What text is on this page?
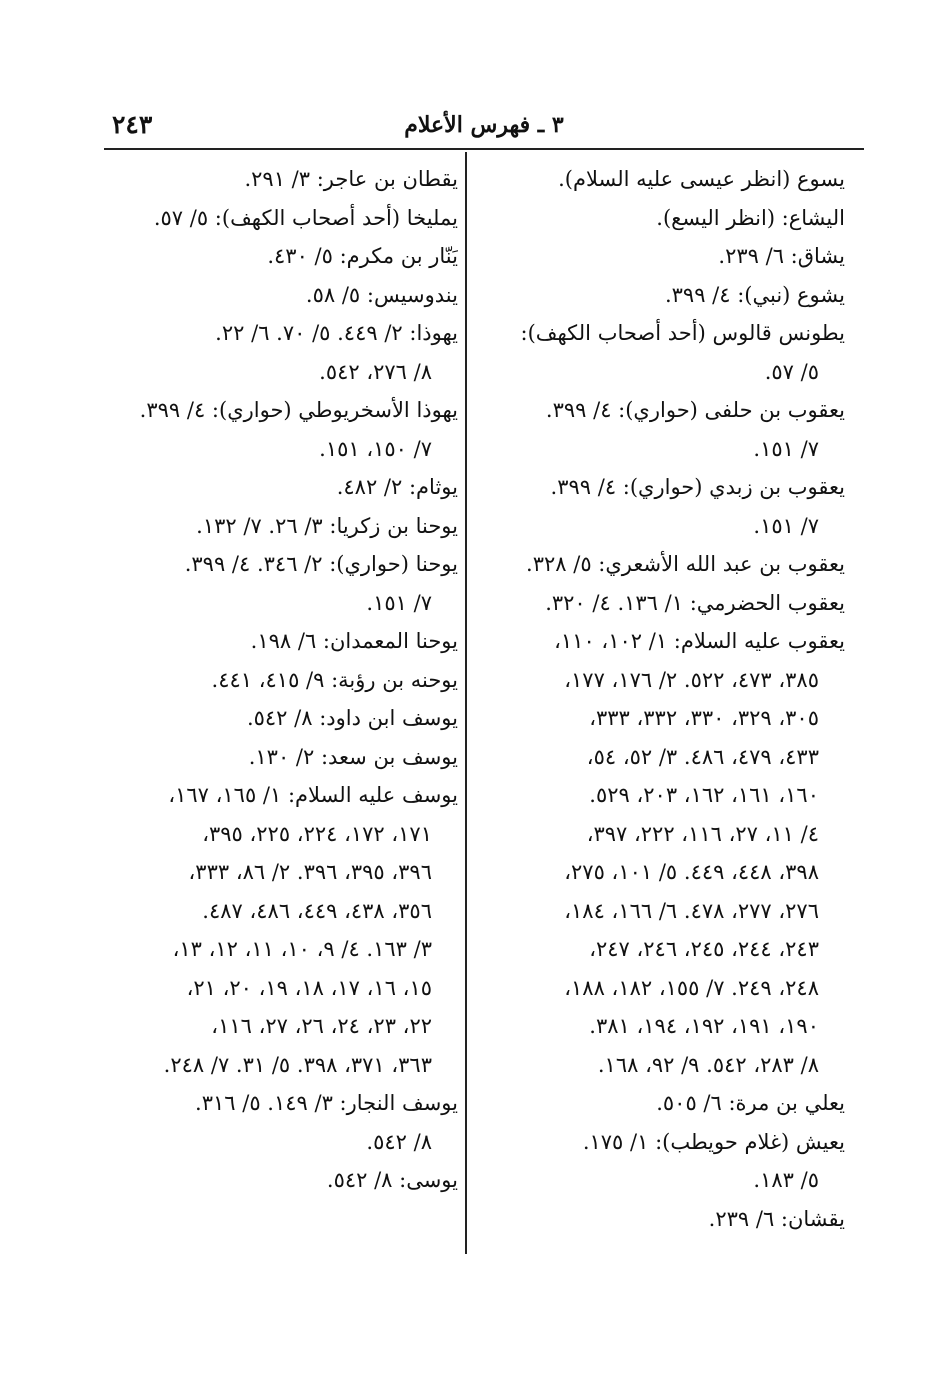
٢٤٣	٣ ـ فهرس الأعلام
يسوع (انظر عيسى عليه السلام).
اليشاع: (انظر اليسع).
يشاق: ٦/ ٢٣٩.
يشوع (نبي): ٤/ ٣٩٩.
يطونس قالوس (أحد أصحاب الكهف):
٥/ ٥٧.
يعقوب بن حلفى (حواري): ٤/ ٣٩٩.
٧/ ١٥١.
يعقوب بن زبدي (حواري): ٤/ ٣٩٩.
٧/ ١٥١.
يعقوب بن عبد الله الأشعري: ٥/ ٣٢٨.
يعقوب الحضرمي: ١/ ١٣٦. ٤/ ٣٢٠.
يعقوب عليه السلام: ١/ ١٠٢، ١١٠،
٣٨٥، ٤٧٣، ٥٢٢. ٢/ ١٧٦، ١٧٧،
٣٠٥، ٣٢٩، ٣٣٠، ٣٣٢، ٣٣٣،
٤٣٣، ٤٧٩، ٤٨٦. ٣/ ٥٢، ٥٤،
١٦٠، ١٦١، ١٦٢، ٢٠٣، ٥٢٩.
٤/ ١١، ٢٧، ١١٦، ٢٢٢، ٣٩٧،
٣٩٨، ٤٤٨، ٤٤٩. ٥/ ١٠١، ٢٧٥،
٢٧٦، ٢٧٧، ٤٧٨. ٦/ ١٦٦، ١٨٤،
٢٤٣، ٢٤٤، ٢٤٥، ٢٤٦، ٢٤٧،
٢٤٨، ٢٤٩. ٧/ ١٥٥، ١٨٢، ١٨٨،
١٩٠، ١٩١، ١٩٢، ١٩٤، ٣٨١.
٨/ ٢٨٣، ٥٤٢. ٩/ ٩٢، ١٦٨.
يعلي بن مرة: ٦/ ٥٠٥.
يعيش (غلام حويطب): ١/ ١٧٥.
٥/ ١٨٣.
يقشان: ٦/ ٢٣٩.
يقطان بن عاجر: ٣/ ٢٩١.
يمليخا (أحد أصحاب الكهف): ٥/ ٥٧.
يَنّار بن مكرم: ٥/ ٤٣٠.
يندوسيس: ٥/ ٥٨.
يهوذا: ٢/ ٤٤٩. ٥/ ٧٠. ٦/ ٢٢.
٨/ ٢٧٦، ٥٤٢.
يهوذا الأسخريوطي (حواري): ٤/ ٣٩٩.
٧/ ١٥٠، ١٥١.
يوثام: ٢/ ٤٨٢.
يوحنا بن زكريا: ٣/ ٢٦. ٧/ ١٣٢.
يوحنا (حواري): ٢/ ٣٤٦. ٤/ ٣٩٩.
٧/ ١٥١.
يوحنا المعمدان: ٦/ ١٩٨.
يوحنه بن رؤبة: ٩/ ٤١٥، ٤٤١.
يوسف ابن داود: ٨/ ٥٤٢.
يوسف بن سعد: ٢/ ١٣٠.
يوسف عليه السلام: ١/ ١٦٥، ١٦٧،
١٧١، ١٧٢، ٢٢٤، ٢٢٥، ٣٩٥،
٣٩٦، ٣٩٥، ٣٩٦. ٢/ ٨٦، ٣٣٣،
٣٥٦، ٤٣٨، ٤٤٩، ٤٨٦، ٤٨٧.
٣/ ١٦٣. ٤/ ٩، ١٠، ١١، ١٢، ١٣،
١٥، ١٦، ١٧، ١٨، ١٩، ٢٠، ٢١،
٢٢، ٢٣، ٢٤، ٢٦، ٢٧، ١١٦،
٣٦٣، ٣٧١، ٣٩٨. ٥/ ٣١. ٧/ ٢٤٨.
يوسف النجار: ٣/ ١٤٩. ٥/ ٣١٦.
٨/ ٥٤٢.
يوسى: ٨/ ٥٤٢.
